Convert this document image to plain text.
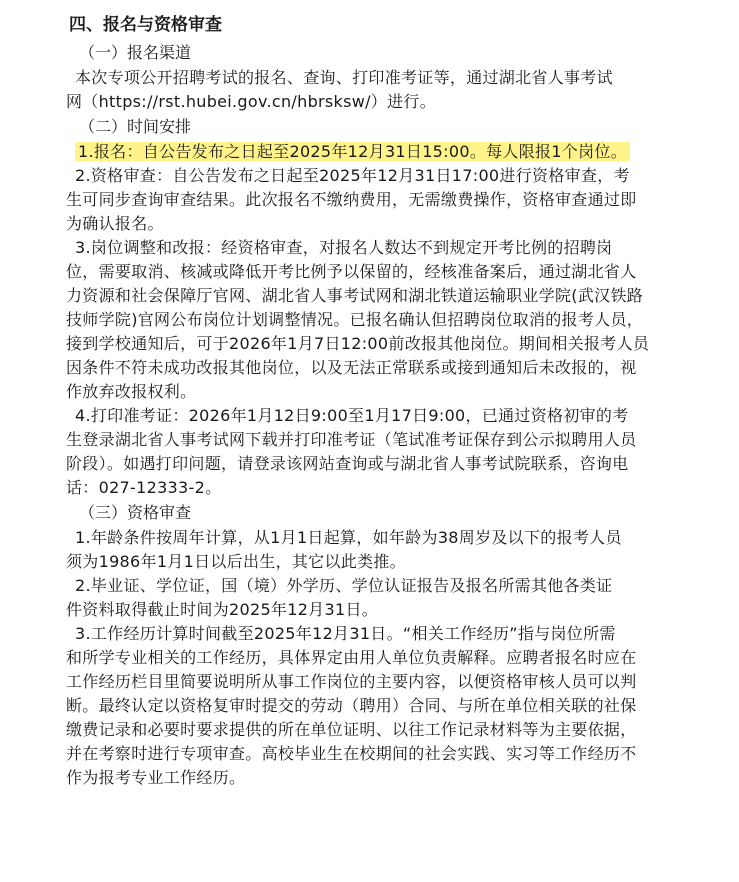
四、报名与资格审查
（一）报名渠道
本次专项公开招聘考试的报名、查询、打印准考证等，通过湖北省人事考试
网（https://rst.hubei.gov.cn/hbrsksw/）进行。
（二）时间安排
1.报名：自公告发布之日起至2025年12月31日15:00。每人限报1个岗位。
2.资格审查：自公告发布之日起至2025年12月31日17:00进行资格审查，考
生可同步查询审查结果。此次报名不缴纳费用，无需缴费操作，资格审查通过即
为确认报名。
3.岗位调整和改报：经资格审查，对报名人数达不到规定开考比例的招聘岗
位，需要取消、核减或降低开考比例予以保留的，经核准备案后，通过湖北省人
力资源和社会保障厅官网、湖北省人事考试网和湖北铁道运输职业学院(武汉铁路
技师学院)官网公布岗位计划调整情况。已报名确认但招聘岗位取消的报考人员，
接到学校通知后，可于2026年1月7日12:00前改报其他岗位。期间相关报考人员
因条件不符未成功改报其他岗位，以及无法正常联系或接到通知后未改报的，视
作放弃改报权利。
4.打印准考证：2026年1月12日9:00至1月17日9:00，已通过资格初审的考
生登录湖北省人事考试网下载并打印准考证（笔试准考证保存到公示拟聘用人员
阶段）。如遇打印问题，请登录该网站查询或与湖北省人事考试院联系，咨询电
话：027-12333-2。
（三）资格审查
1.年龄条件按周年计算，从1月1日起算，如年龄为38周岁及以下的报考人员
须为1986年1月1日以后出生，其它以此类推。
2.毕业证、学位证，国（境）外学历、学位认证报告及报名所需其他各类证
件资料取得截止时间为2025年12月31日。
3.工作经历计算时间截至2025年12月31日。“相关工作经历”指与岗位所需
和所学专业相关的工作经历，具体界定由用人单位负责解释。应聘者报名时应在
工作经历栏目里简要说明所从事工作岗位的主要内容，以便资格审核人员可以判
断。最终认定以资格复审时提交的劳动（聘用）合同、与所在单位相关联的社保
缴费记录和必要时要求提供的所在单位证明、以往工作记录材料等为主要依据，
并在考察时进行专项审查。高校毕业生在校期间的社会实践、实习等工作经历不
作为报考专业工作经历。
